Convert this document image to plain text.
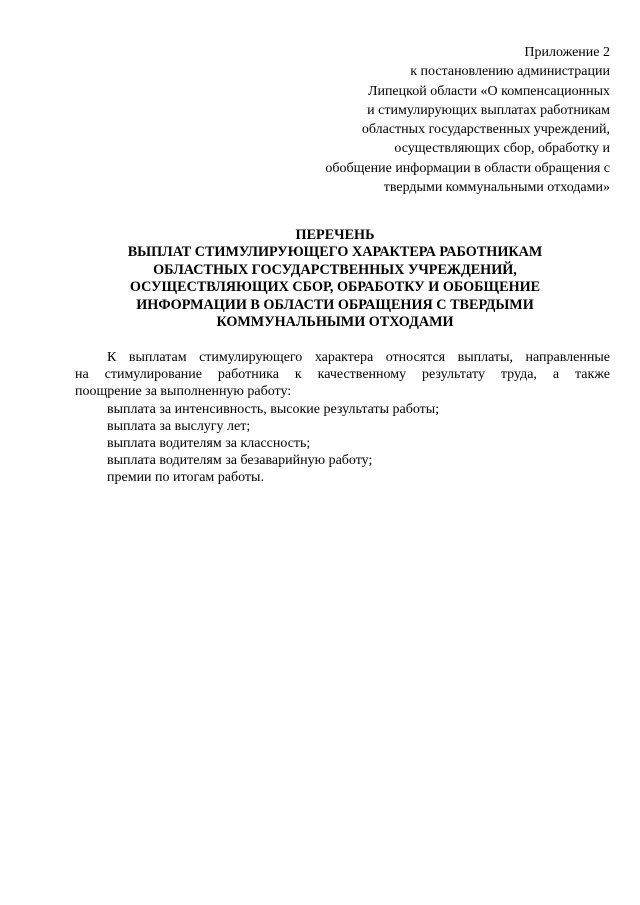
Приложение 2
к постановлению администрации
Липецкой области «О компенсационных
и стимулирующих выплатах работникам
областных государственных учреждений,
осуществляющих сбор, обработку и
обобщение информации в области обращения с
твердыми коммунальными отходами»
ПЕРЕЧЕНЬ
ВЫПЛАТ СТИМУЛИРУЮЩЕГО ХАРАКТЕРА РАБОТНИКАМ
ОБЛАСТНЫХ ГОСУДАРСТВЕННЫХ УЧРЕЖДЕНИЙ,
ОСУЩЕСТВЛЯЮЩИХ СБОР, ОБРАБОТКУ И ОБОБЩЕНИЕ
ИНФОРМАЦИИ В ОБЛАСТИ ОБРАЩЕНИЯ С ТВЕРДЫМИ
КОММУНАЛЬНЫМИ ОТХОДАМИ
К выплатам стимулирующего характера относятся выплаты, направленные
на стимулирование работника к качественному результату труда, а также
поощрение за выполненную работу:
выплата за интенсивность, высокие результаты работы;
выплата за выслугу лет;
выплата водителям за классность;
выплата водителям за безаварийную работу;
премии по итогам работы.
